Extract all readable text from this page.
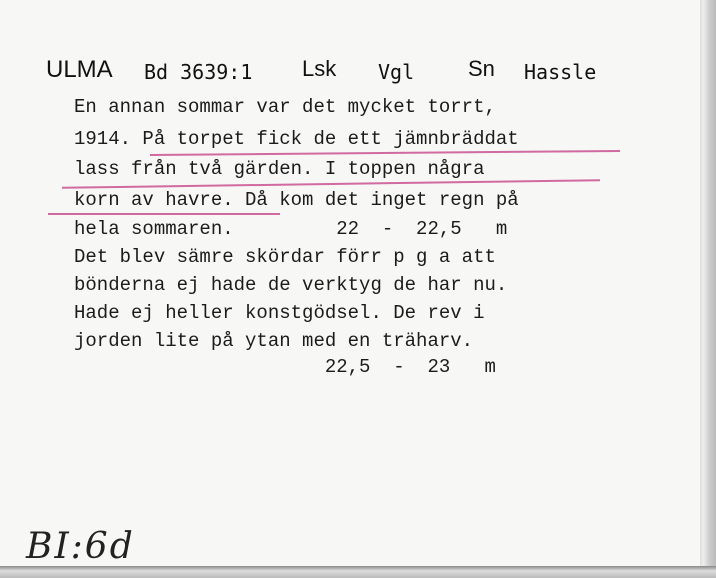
ULMA Bd 3639:1 Lsk Vgl Sn Hassle
En annan sommar var det mycket torrt,
1914. På torpet fick de ett jämnbräddat
lass från två gärden. I toppen några
korn av havre. Då kom det inget regn på
hela sommaren.         22  -  22,5   m
Det blev sämre skördar förr p g a att
bönderna ej hade de verktyg de har nu.
Hade ej heller konstgödsel. De rev i
jorden lite på ytan med en träharv.
22,5  -  23   m
BI:6d
